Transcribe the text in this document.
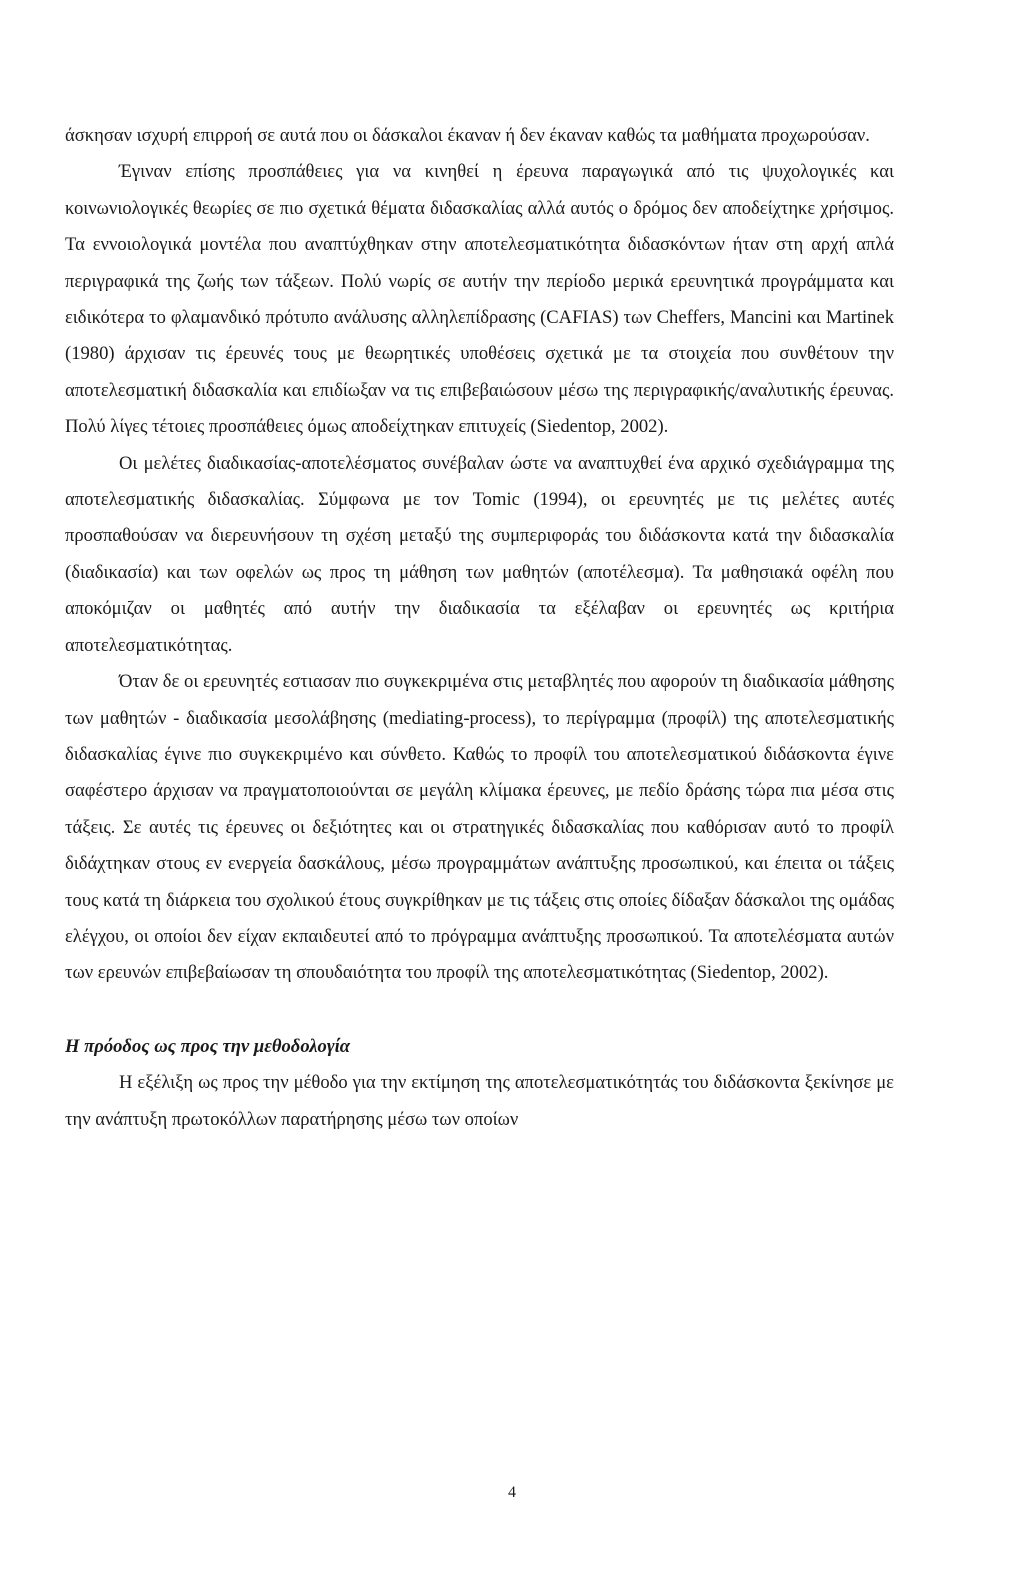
άσκησαν ισχυρή επιρροή σε αυτά που οι δάσκαλοι έκαναν ή δεν έκαναν καθώς τα μαθήματα προχωρούσαν.

Έγιναν επίσης προσπάθειες για να κινηθεί η έρευνα παραγωγικά από τις ψυχολογικές και κοινωνιολογικές θεωρίες σε πιο σχετικά θέματα διδασκαλίας αλλά αυτός ο δρόμος δεν αποδείχτηκε χρήσιμος. Τα εννοιολογικά μοντέλα που αναπτύχθηκαν στην αποτελεσματικότητα διδασκόντων ήταν στη αρχή απλά περιγραφικά της ζωής των τάξεων. Πολύ νωρίς σε αυτήν την περίοδο μερικά ερευνητικά προγράμματα και ειδικότερα το φλαμανδικό πρότυπο ανάλυσης αλληλεπίδρασης (CAFIAS) των Cheffers, Mancini και Martinek (1980) άρχισαν τις έρευνές τους με θεωρητικές υποθέσεις σχετικά με τα στοιχεία που συνθέτουν την αποτελεσματική διδασκαλία και επιδίωξαν να τις επιβεβαιώσουν μέσω της περιγραφικής/αναλυτικής έρευνας. Πολύ λίγες τέτοιες προσπάθειες όμως αποδείχτηκαν επιτυχείς (Siedentop, 2002).

Οι μελέτες διαδικασίας-αποτελέσματος συνέβαλαν ώστε να αναπτυχθεί ένα αρχικό σχεδιάγραμμα της αποτελεσματικής διδασκαλίας. Σύμφωνα με τον Tomic (1994), οι ερευνητές με τις μελέτες αυτές προσπαθούσαν να διερευνήσουν τη σχέση μεταξύ της συμπεριφοράς του διδάσκοντα κατά την διδασκαλία (διαδικασία) και των οφελών ως προς τη μάθηση των μαθητών (αποτέλεσμα). Τα μαθησιακά οφέλη που αποκόμιζαν οι μαθητές από αυτήν την διαδικασία τα εξέλαβαν οι ερευνητές ως κριτήρια αποτελεσματικότητας.

Όταν δε οι ερευνητές εστιασαν πιο συγκεκριμένα στις μεταβλητές που αφορούν τη διαδικασία μάθησης των μαθητών - διαδικασία μεσολάβησης (mediating-process), το περίγραμμα (προφίλ) της αποτελεσματικής διδασκαλίας έγινε πιο συγκεκριμένο και σύνθετο. Καθώς το προφίλ του αποτελεσματικού διδάσκοντα έγινε σαφέστερο άρχισαν να πραγματοποιούνται σε μεγάλη κλίμακα έρευνες, με πεδίο δράσης τώρα πια μέσα στις τάξεις. Σε αυτές τις έρευνες οι δεξιότητες και οι στρατηγικές διδασκαλίας που καθόρισαν αυτό το προφίλ διδάχτηκαν στους εν ενεργεία δασκάλους, μέσω προγραμμάτων ανάπτυξης προσωπικού, και έπειτα οι τάξεις τους κατά τη διάρκεια του σχολικού έτους συγκρίθηκαν με τις τάξεις στις οποίες δίδαξαν δάσκαλοι της ομάδας ελέγχου, οι οποίοι δεν είχαν εκπαιδευτεί από το πρόγραμμα ανάπτυξης προσωπικού. Τα αποτελέσματα αυτών των ερευνών επιβεβαίωσαν τη σπουδαιότητα του προφίλ της αποτελεσματικότητας (Siedentop, 2002).

Η πρόοδος ως προς την μεθοδολογία

Η εξέλιξη ως προς την μέθοδο για την εκτίμηση της αποτελεσματικότητάς του διδάσκοντα ξεκίνησε με την ανάπτυξη πρωτοκόλλων παρατήρησης μέσω των οποίων

4
